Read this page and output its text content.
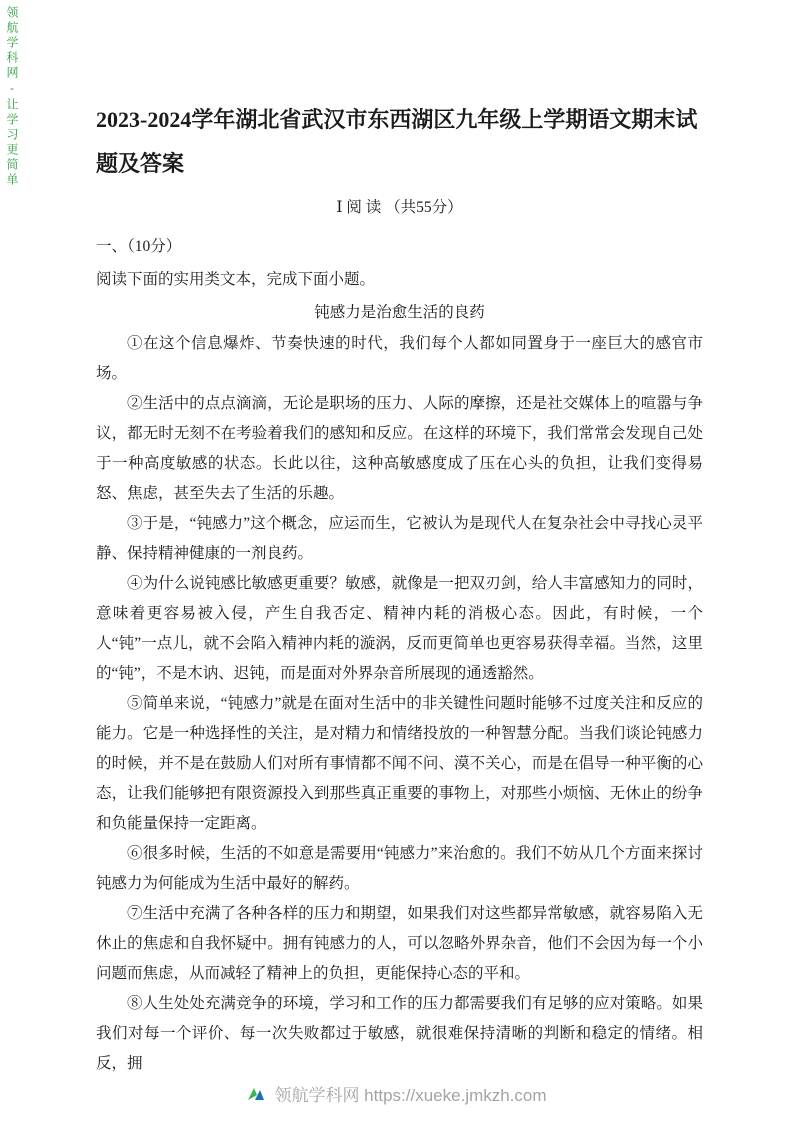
领航学科网-让学习更简单	2023-2024学年湖北省武汉市东西湖区九年级上学期语文期末试题及答案
Ⅰ 阅 读 （共55分）

一、（10分）

阅读下面的实用类文本，完成下面小题。

钝感力是治愈生活的良药

①在这个信息爆炸、节奏快速的时代，我们每个人都如同置身于一座巨大的感官市场。

②生活中的点点滴滴，无论是职场的压力、人际的摩擦，还是社交媒体上的喧嚣与争议，都无时无刻不在考验着我们的感知和反应。在这样的环境下，我们常常会发现自己处于一种高度敏感的状态。长此以往，这种高敏感度成了压在心头的负担，让我们变得易怒、焦虑，甚至失去了生活的乐趣。

③于是，“钝感力”这个概念，应运而生，它被认为是现代人在复杂社会中寻找心灵平静、保持精神健康的一剂良药。

④为什么说钝感比敏感更重要？敏感，就像是一把双刃剑，给人丰富感知力的同时，意味着更容易被入侵，产生自我否定、精神内耗的消极心态。因此，有时候，一个人“钝”一点儿，就不会陷入精神内耗的漩涡，反而更简单也更容易获得幸福。当然，这里的“钝”，不是木讷、迟钝，而是面对外界杂音所展现的通透豁然。

⑤简单来说，“钝感力”就是在面对生活中的非关键性问题时能够不过度关注和反应的能力。它是一种选择性的关注，是对精力和情绪投放的一种智慧分配。当我们谈论钝感力的时候，并不是在鼓励人们对所有事情都不闻不问、漠不关心，而是在倡导一种平衡的心态，让我们能够把有限资源投入到那些真正重要的事物上，对那些小烦恼、无休止的纷争和负能量保持一定距离。

⑥很多时候，生活的不如意是需要用“钝感力”来治愈的。我们不妨从几个方面来探讨钝感力为何能成为生活中最好的解药。

⑦生活中充满了各种各样的压力和期望，如果我们对这些都异常敏感，就容易陷入无休止的焦虑和自我怀疑中。拥有钝感力的人，可以忽略外界杂音，他们不会因为每一个小问题而焦虑，从而减轻了精神上的负担，更能保持心态的平和。

⑧人生处处充满竞争的环境，学习和工作的压力都需要我们有足够的应对策略。如果我们对每一个评价、每一次失败都过于敏感，就很难保持清晰的判断和稳定的情绪。相反，拥

领航学科网 https://xueke.jmkzh.com
